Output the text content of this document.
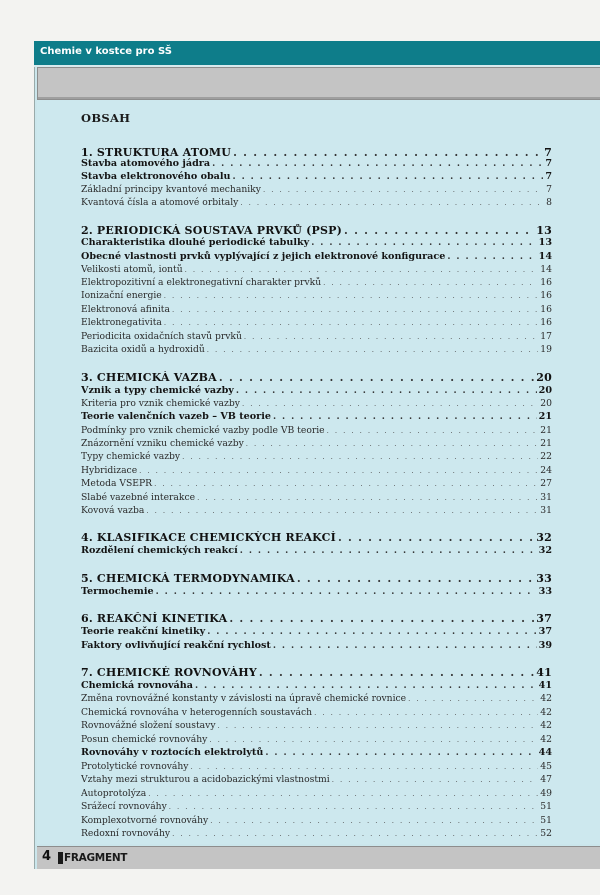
Chemie v kostce pro SŠ
OBSAH
1. STRUKTURA ATOMU . . .	7
Stavba atomového jádra . . .	7
Stavba elektronového obalu . . .	7
Základní principy kvantové mechaniky . . .	7
Kvantová čísla a atomové orbitaly . . .	8
2. PERIODICKÁ SOUSTAVA PRVKŮ (PSP) . . .	13
Charakteristika dlouhé periodické tabulky . . .	13
Obecné vlastnosti prvků vyplývající z jejich elektronové konfigurace . . .	14
Velikosti atomů, iontů . . .	14
Elektropozitivní a elektronegativní charakter prvků . . .	16
Ionizační energie . . .	16
Elektronová afinita . . .	16
Elektronegativita . . .	16
Periodicita oxidačních stavů prvků . . .	17
Bazicita oxidů a hydroxidů . . .	19
3. CHEMICKÁ VAZBA . . .	20
Vznik a typy chemické vazby . . .	20
Kriteria pro vznik chemické vazby . . .	20
Teorie valenčních vazeb – VB teorie . . .	21
Podmínky pro vznik chemické vazby podle VB teorie . . .	21
Znázornění vzniku chemické vazby . . .	21
Typy chemické vazby . . .	22
Hybridizace . . .	24
Metoda VSEPR . . .	27
Slabé vazebné interakce . . .	31
Kovová vazba . . .	31
4. KLASIFIKACE CHEMICKÝCH REAKCÍ . . .	32
Rozdělení chemických reakcí . . .	32
5. CHEMICKÁ TERMODYNAMIKA . . .	33
Termochemie . . .	33
6. REAKČNÍ KINETIKA . . .	37
Teorie reakční kinetiky . . .	37
Faktory ovlivňující reakční rychlost . . .	39
7. CHEMICKÉ ROVNOVÁHY . . .	41
Chemická rovnováha . . .	41
Změna rovnovážné konstanty v závislosti na úpravě chemické rovnice . . .	42
Chemická rovnováha v heterogenních soustavách . . .	42
Rovnovážné složení soustavy . . .	42
Posun chemické rovnováhy . . .	42
Rovnováhy v roztocích elektrolytů . . .	44
Protolytické rovnováhy . . .	45
Vztahy mezi strukturou a acidobazickými vlastnostmi . . .	47
Autoprotolýza . . .	49
Srážecí rovnováhy . . .	51
Komplexotvorné rovnováhy . . .	51
Redoxní rovnováhy . . .	52
4 FRAGMENT
